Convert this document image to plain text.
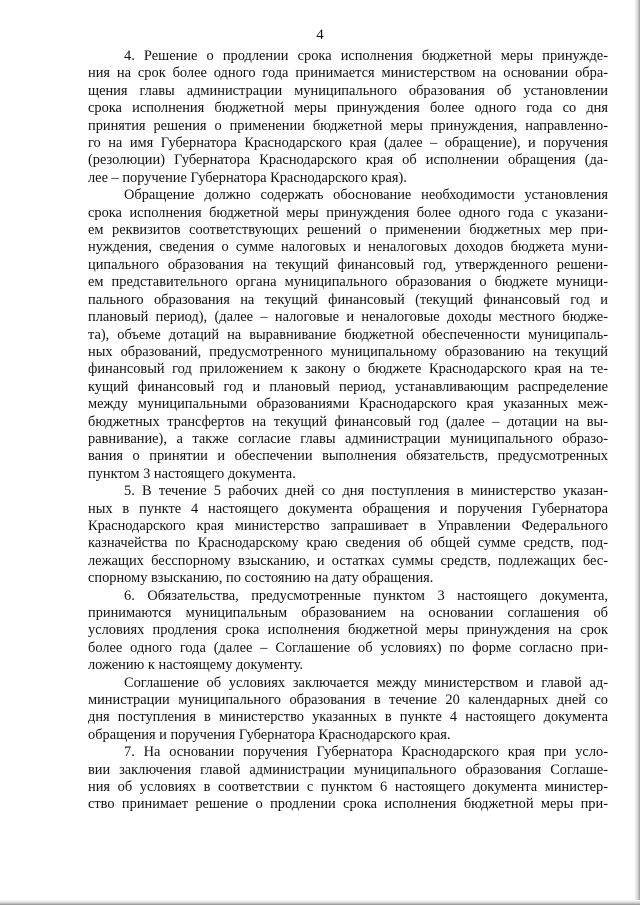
4
4. Решение о продлении срока исполнения бюджетной меры принужде-
ния на срок более одного года принимается министерством на основании обра-
щения главы администрации муниципального образования об установлении
срока исполнения бюджетной меры принуждения более одного года со дня
принятия решения о применении бюджетной меры принуждения, направленно-
го на имя Губернатора Краснодарского края (далее – обращение), и поручения
(резолюции) Губернатора Краснодарского края об исполнении обращения (да-
лее – поручение Губернатора Краснодарского края).
Обращение должно содержать обоснование необходимости установления
срока исполнения бюджетной меры принуждения более одного года с указани-
ем реквизитов соответствующих решений о применении бюджетных мер при-
нуждения, сведения о сумме налоговых и неналоговых доходов бюджета муни-
ципального образования на текущий финансовый год, утвержденного решени-
ем представительного органа муниципального образования о бюджете муници-
пального образования на текущий финансовый (текущий финансовый год и
плановый период), (далее – налоговые и неналоговые доходы местного бюдже-
та), объеме дотаций на выравнивание бюджетной обеспеченности муниципаль-
ных образований, предусмотренного муниципальному образованию на текущий
финансовый год приложением к закону о бюджете Краснодарского края на те-
кущий финансовый год и плановый период, устанавливающим распределение
между муниципальными образованиями Краснодарского края указанных меж-
бюджетных трансфертов на текущий финансовый год (далее – дотации на вы-
равнивание), а также согласие главы администрации муниципального образо-
вания о принятии и обеспечении выполнения обязательств, предусмотренных
пунктом 3 настоящего документа.
5. В течение 5 рабочих дней со дня поступления в министерство указан-
ных в пункте 4 настоящего документа обращения и поручения Губернатора
Краснодарского края министерство запрашивает в Управлении Федерального
казначейства по Краснодарскому краю сведения об общей сумме средств, под-
лежащих бесспорному взысканию, и остатках суммы средств, подлежащих бес-
спорному взысканию, по состоянию на дату обращения.
6. Обязательства, предусмотренные пунктом 3 настоящего документа,
принимаются муниципальным образованием на основании соглашения об
условиях продления срока исполнения бюджетной меры принуждения на срок
более одного года (далее – Соглашение об условиях) по форме согласно при-
ложению к настоящему документу.
Соглашение об условиях заключается между министерством и главой ад-
министрации муниципального образования в течение 20 календарных дней со
дня поступления в министерство указанных в пункте 4 настоящего документа
обращения и поручения Губернатора Краснодарского края.
7. На основании поручения Губернатора Краснодарского края при усло-
вии заключения главой администрации муниципального образования Соглаше-
ния об условиях в соответствии с пунктом 6 настоящего документа министер-
ство принимает решение о продлении срока исполнения бюджетной меры при-
